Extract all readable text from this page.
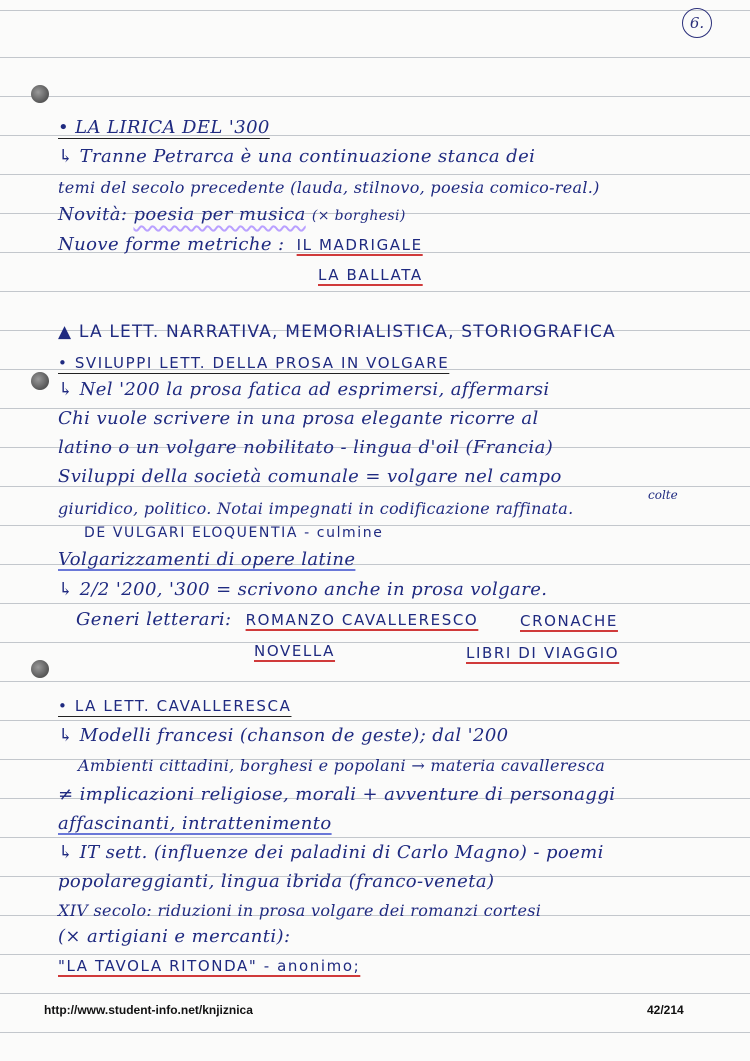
6.
• LA LIRICA DEL '300
↳ Tranne Petrarca è una continuazione stanca dei
temi del secolo precedente (lauda, stilnovo, poesia comico-real.)
Novità: poesia per musica (× borghesi)
Nuove forme metriche : IL MADRIGALE
LA BALLATA
▲ LA LETT. NARRATIVA, MEMORIALISTICA, STORIOGRAFICA
• SVILUPPI LETT. DELLA PROSA IN VOLGARE
↳ Nel '200 la prosa fatica ad esprimersi, affermarsi
Chi vuole scrivere in una prosa elegante ricorre al
latino o un volgare nobilitato - lingua d'oil (Francia)
Sviluppi della società comunale = volgare nel campo
colte
giuridico, politico. Notai impegnati in codificazione raffinata.
DE VULGARI ELOQUENTIA - culmine
Volgarizzamenti di opere latine
↳ 2/2 '200, '300 = scrivono anche in prosa volgare.
Generi letterari: ROMANZO CAVALLERESCO	CRONACHE
NOVELLA	LIBRI DI VIAGGIO
• LA LETT. CAVALLERESCA
↳ Modelli francesi (chanson de geste); dal '200
Ambienti cittadini, borghesi e popolani → materia cavalleresca
≠ implicazioni religiose, morali + avventure di personaggi
affascinanti, intrattenimento
↳ IT sett. (influenze dei paladini di Carlo Magno) - poemi
popolareggianti, lingua ibrida (franco-veneta)
XIV secolo: riduzioni in prosa volgare dei romanzi cortesi
(× artigiani e mercanti):
"LA TAVOLA RITONDA" - anonimo;
http://www.student-info.net/knjiznica	42/214
